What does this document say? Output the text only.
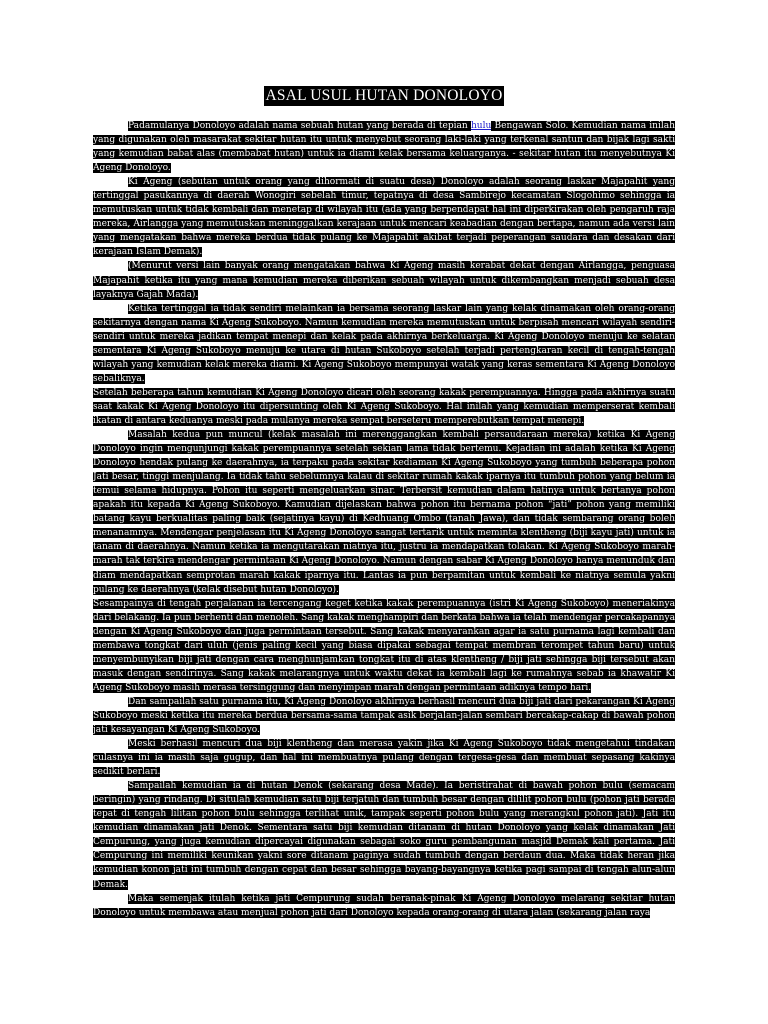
ASAL USUL HUTAN DONOLOYO

Padamulanya Donoloyo adalah nama sebuah hutan yang berada di tepian hulu Bengawan Solo. Kemudian nama inilah yang digunakan oleh masarakat sekitar hutan itu untuk menyebut seorang laki-laki yang terkenal santun dan bijak lagi sakti yang kemudian babat alas (membabat hutan) untuk ia diami kelak bersama keluarganya. - sekitar hutan itu menyebutnya Ki Ageng Donoloyo.

Ki Ageng (sebutan untuk orang yang dihormati di suatu desa) Donoloyo adalah seorang laskar Majapahit yang tertinggal pasukannya di daerah Wonogiri sebelah timur, tepatnya di desa Sambirejo kecamatan Slogohimo sehingga ia memutuskan untuk tidak kembali dan menetap di wilayah itu (ada yang berpendapat hal ini diperkirakan oleh pengaruh raja mereka, Airlangga yang memutuskan meninggalkan kerajaan untuk mencari keabadian dengan bertapa, namun ada versi lain yang mengatakan bahwa mereka berdua tidak pulang ke Majapahit akibat terjadi peperangan saudara dan desakan dari kerajaan Islam Demak).

(Menurut versi lain banyak orang mengatakan bahwa Ki Ageng masih kerabat dekat dengan Airlangga, penguasa Majapahit ketika itu yang mana kemudian mereka diberikan sebuah wilayah untuk dikembangkan menjadi sebuah desa layaknya Gajah Mada).

Ketika tertinggal ia tidak sendiri melainkan ia bersama seorang laskar lain yang kelak dinamakan oleh orang-orang sekitarnya dengan nama Ki Ageng Sukoboyo. Namun kemudian mereka memutuskan untuk berpisah mencari wilayah sendiri-sendiri untuk mereka jadikan tempat menepi dan kelak pada akhirnya berkeluarga. Ki Ageng Donoloyo menuju ke selatan sementara Ki Ageng Sukoboyo menuju ke utara di hutan Sukoboyo setelah terjadi pertengkaran kecil di tengah-tengah wilayah yang kemudian kelak mereka diami. Ki Ageng Sukoboyo mempunyai watak yang keras sementara Ki Ageng Donoloyo sebaliknya.

Setelah beberapa tahun kemudian Ki Ageng Donoloyo dicari oleh seorang kakak perempuannya. Hingga pada akhirnya suatu saat kakak Ki Ageng Donoloyo itu dipersunting oleh Ki Ageng Sukoboyo. Hal inilah yang kemudian memperserat kembali ikatan di antara keduanya meski pada mulanya mereka sempat berseteru memperebutkan tempat menepi.

Masalah kedua pun muncul (kelak masalah ini merenggangkan kembali persaudaraan mereka) ketika Ki Ageng Donoloyo ingin mengunjungi kakak perempuannya setelah sekian lama tidak bertemu. Kejadian ini adalah ketika Ki Ageng Donoloyo hendak pulang ke daerahnya, ia terpaku pada sekitar kediaman Ki Ageng Sukoboyo yang tumbuh beberapa pohon Jati besar, tinggi menjulang. Ia tidak tahu sebelumnya kalau di sekitar rumah kakak iparnya itu tumbuh pohon yang belum ia temui selama hidupnya. Pohon itu seperti mengeluarkan sinar. Terbersit kemudian dalam hatinya untuk bertanya pohon apakah itu kepada Ki Ageng Sukoboyo. Kamudian dijelaskan bahwa pohon itu bernama pohon “jati” pohon yang memiliki batang kayu berkualitas paling baik (sejatinya kayu) di Kedhuang Ombo (tanah Jawa), dan tidak sembarang orang boleh menanamnya. Mendengar penjelasan itu Ki Ageng Donoloyo sangat tertarik untuk meminta klentheng (biji kayu jati) untuk ia tanam di daerahnya. Namun ketika ia mengutarakan niatnya itu, justru ia mendapatkan tolakan. Ki Ageng Sukoboyo marah-marah tak terkira mendengar permintaan Ki Ageng Donoloyo. Namun dengan sabar Ki Ageng Donoloyo hanya menunduk dan diam mendapatkan semprotan marah kakak iparnya itu. Lantas ia pun berpamitan untuk kembali ke niatnya semula yakni pulang ke daerahnya (kelak disebut hutan Donoloyo).

Sesampainya di tengah perjalanan ia tercengang keget ketika kakak perempuannya (istri Ki Ageng Sukoboyo) meneriakinya dari belakang. Ia pun berhenti dan menoleh. Sang kakak menghampiri dan berkata bahwa ia telah mendengar percakapannya dengan Ki Ageng Sukoboyo dan juga permintaan tersebut. Sang kakak menyarankan agar ia satu purnama lagi kembali dan membawa tongkat dari uluh (jenis paling kecil yang biasa dipakai sebagai tempat membran terompet tahun baru) untuk menyembunyikan biji jati dengan cara menghunjamkan tongkat itu di atas klentheng / biji jati sehingga biji tersebut akan masuk dengan sendirinya. Sang kakak melarangnya untuk waktu dekat ia kembali lagi ke rumahnya sebab ia khawatir Ki Ageng Sukoboyo masih merasa tersinggung dan menyimpan marah dengan permintaan adiknya tempo hari.

Dan sampailah satu purnama itu, Ki Ageng Donoloyo akhirnya berhasil mencuri dua biji jati dari pekarangan Ki Ageng Sukoboyo meski ketika itu mereka berdua bersama-sama tampak asik berjalan-jalan sembari bercakap-cakap di bawah pohon jati kesayangan Ki Ageng Sukoboyo.

Meski berhasil mencuri dua biji klentheng dan merasa yakin jika Ki Ageng Sukoboyo tidak mengetahui tindakan culasnya ini ia masih saja gugup, dan hal ini membuatnya pulang dengan tergesa-gesa dan membuat sepasang kakinya sedikit berlari.

Sampailah kemudian ia di hutan Denok (sekarang desa Made). Ia beristirahat di bawah pohon bulu (semacam beringin) yang rindang. Di situlah kemudian satu biji terjatuh dan tumbuh besar dengan dililit pohon bulu (pohon jati berada tepat di tengah lilitan pohon bulu sehingga terlihat unik, tampak seperti pohon bulu yang merangkul pohon jati). Jati itu kemudian dinamakan jati Denok. Sementara satu biji kemudian ditanam di hutan Donoloyo yang kelak dinamakan Jati Cempurung, yang juga kemudian dipercayai digunakan sebagai soko guru pembangunan masjid Demak kali pertama. Jati Cempurung ini memiliki keunikan yakni sore ditanam paginya sudah tumbuh dengan berdaun dua. Maka tidak heran jika kemudian konon jati ini tumbuh dengan cepat dan besar sehingga bayang-bayangnya ketika pagi sampai di tengah alun-alun Demak.

Maka semenjak itulah ketika jati Cempurung sudah beranak-pinak Ki Ageng Donoloyo melarang sekitar hutan Donoloyo untuk membawa atau menjual pohon jati dari Donoloyo kepada orang-orang di utara jalan (sekarang jalan raya
